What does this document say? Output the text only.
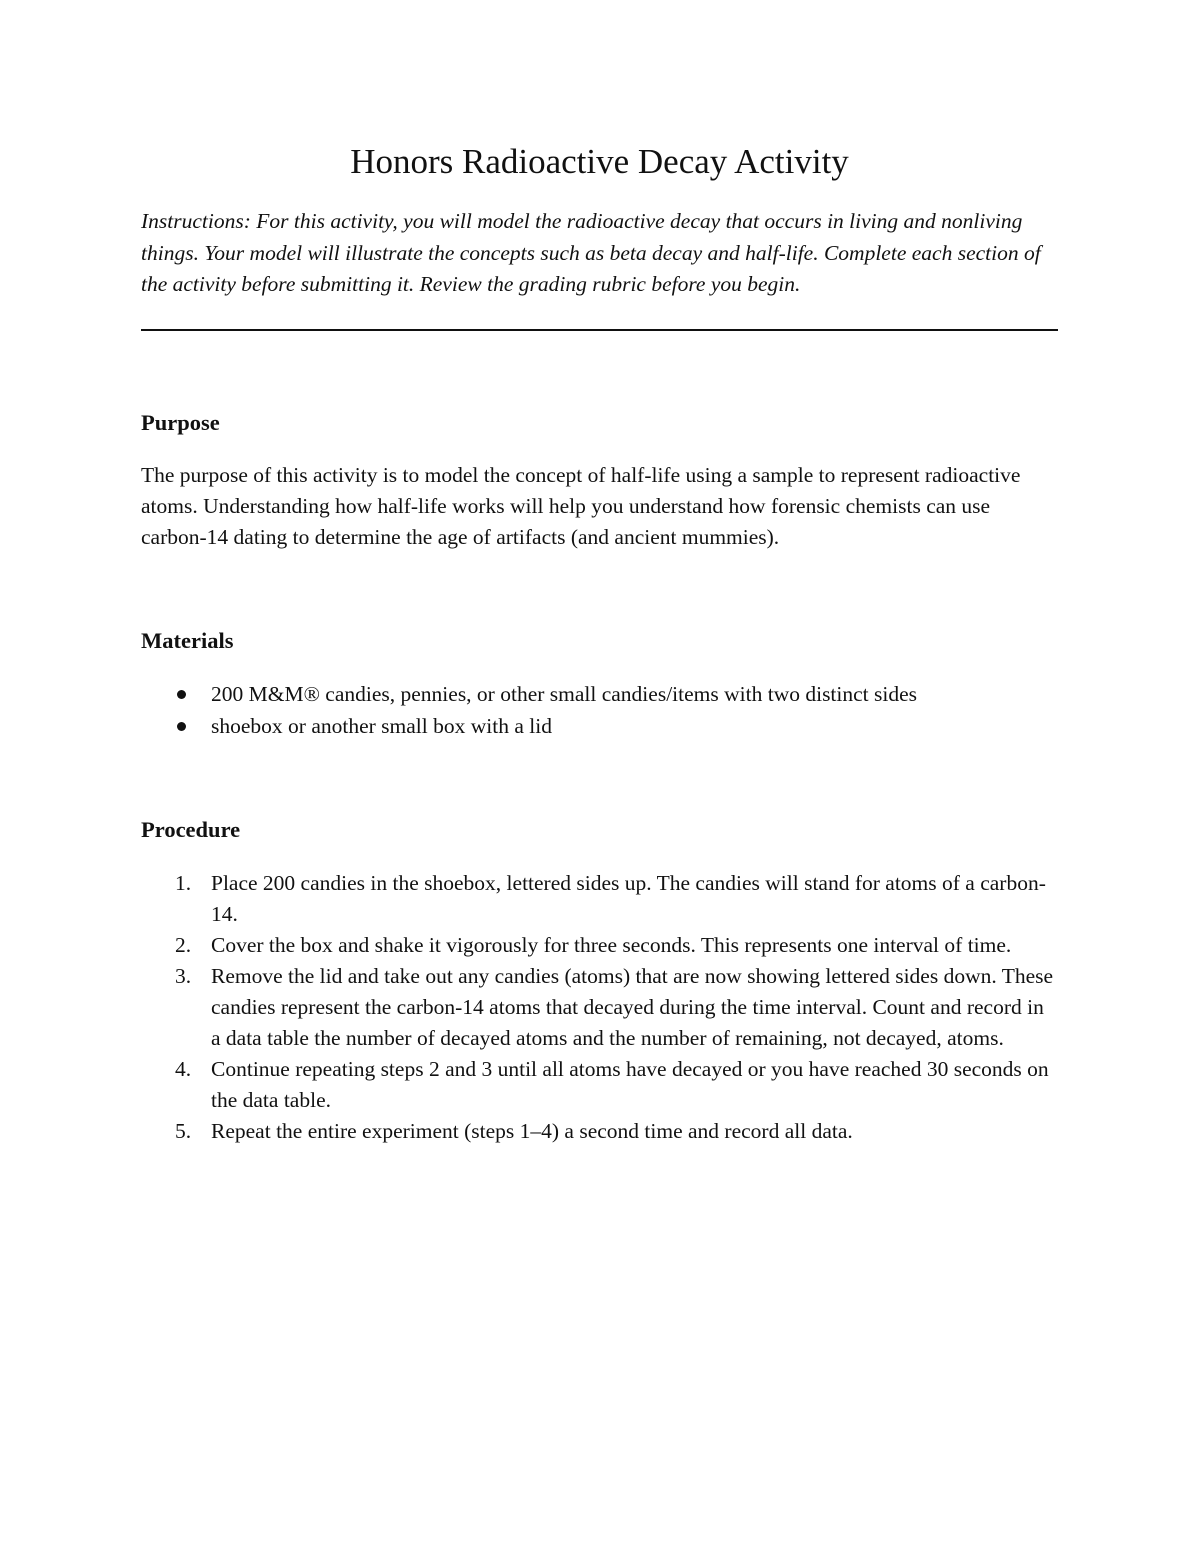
Honors Radioactive Decay Activity

Instructions: For this activity, you will model the radioactive decay that occurs in living and nonliving things. Your model will illustrate the concepts such as beta decay and half-life. Complete each section of the activity before submitting it. Review the grading rubric before you begin.

Purpose

The purpose of this activity is to model the concept of half-life using a sample to represent radioactive atoms. Understanding how half-life works will help you understand how forensic chemists can use carbon-14 dating to determine the age of artifacts (and ancient mummies).

Materials
200 M&M® candies, pennies, or other small candies/items with two distinct sides
shoebox or another small box with a lid
Procedure
1. Place 200 candies in the shoebox, lettered sides up. The candies will stand for atoms of a carbon-14.
2. Cover the box and shake it vigorously for three seconds. This represents one interval of time.
3. Remove the lid and take out any candies (atoms) that are now showing lettered sides down. These candies represent the carbon-14 atoms that decayed during the time interval. Count and record in a data table the number of decayed atoms and the number of remaining, not decayed, atoms.
4. Continue repeating steps 2 and 3 until all atoms have decayed or you have reached 30 seconds on the data table.
5. Repeat the entire experiment (steps 1–4) a second time and record all data.
